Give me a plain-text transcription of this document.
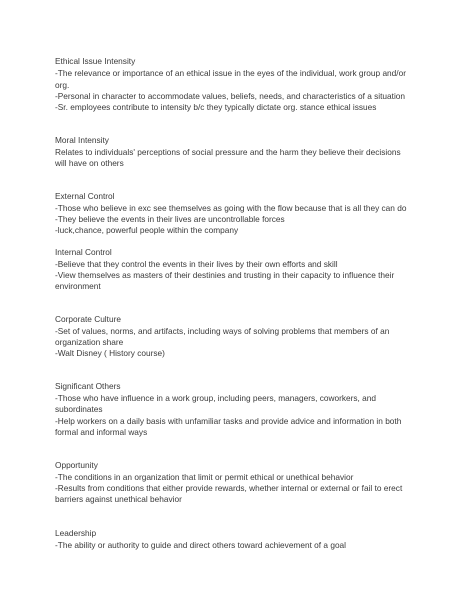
Ethical Issue Intensity

-The relevance or importance of an ethical issue in the eyes of the individual, work group and/or

org.

-Personal in character to accommodate values, beliefs, needs, and characteristics of a situation

-Sr. employees contribute to intensity b/c they typically dictate org. stance ethical issues

Moral Intensity

Relates to individuals' perceptions of social pressure and the harm they believe their decisions

will have on others

External Control

-Those who believe in exc see themselves as going with the flow because that is all they can do

-They believe the events in their lives are uncontrollable forces

-luck,chance, powerful people within the company

Internal Control

-Believe that they control the events in their lives by their own efforts and skill

-View themselves as masters of their destinies and trusting in their capacity to influence their

environment

Corporate Culture

-Set of values, norms, and artifacts, including ways of solving problems that members of an

organization share

-Walt Disney ( History course)

Significant Others

-Those who have influence in a work group, including peers, managers, coworkers, and

subordinates

-Help workers on a daily basis with unfamiliar tasks and provide advice and information in both

formal and informal ways

Opportunity

-The conditions in an organization that limit or permit ethical or unethical behavior

-Results from conditions that either provide rewards, whether internal or external or fail to erect

barriers against unethical behavior

Leadership

-The ability or authority to guide and direct others toward achievement of a goal
